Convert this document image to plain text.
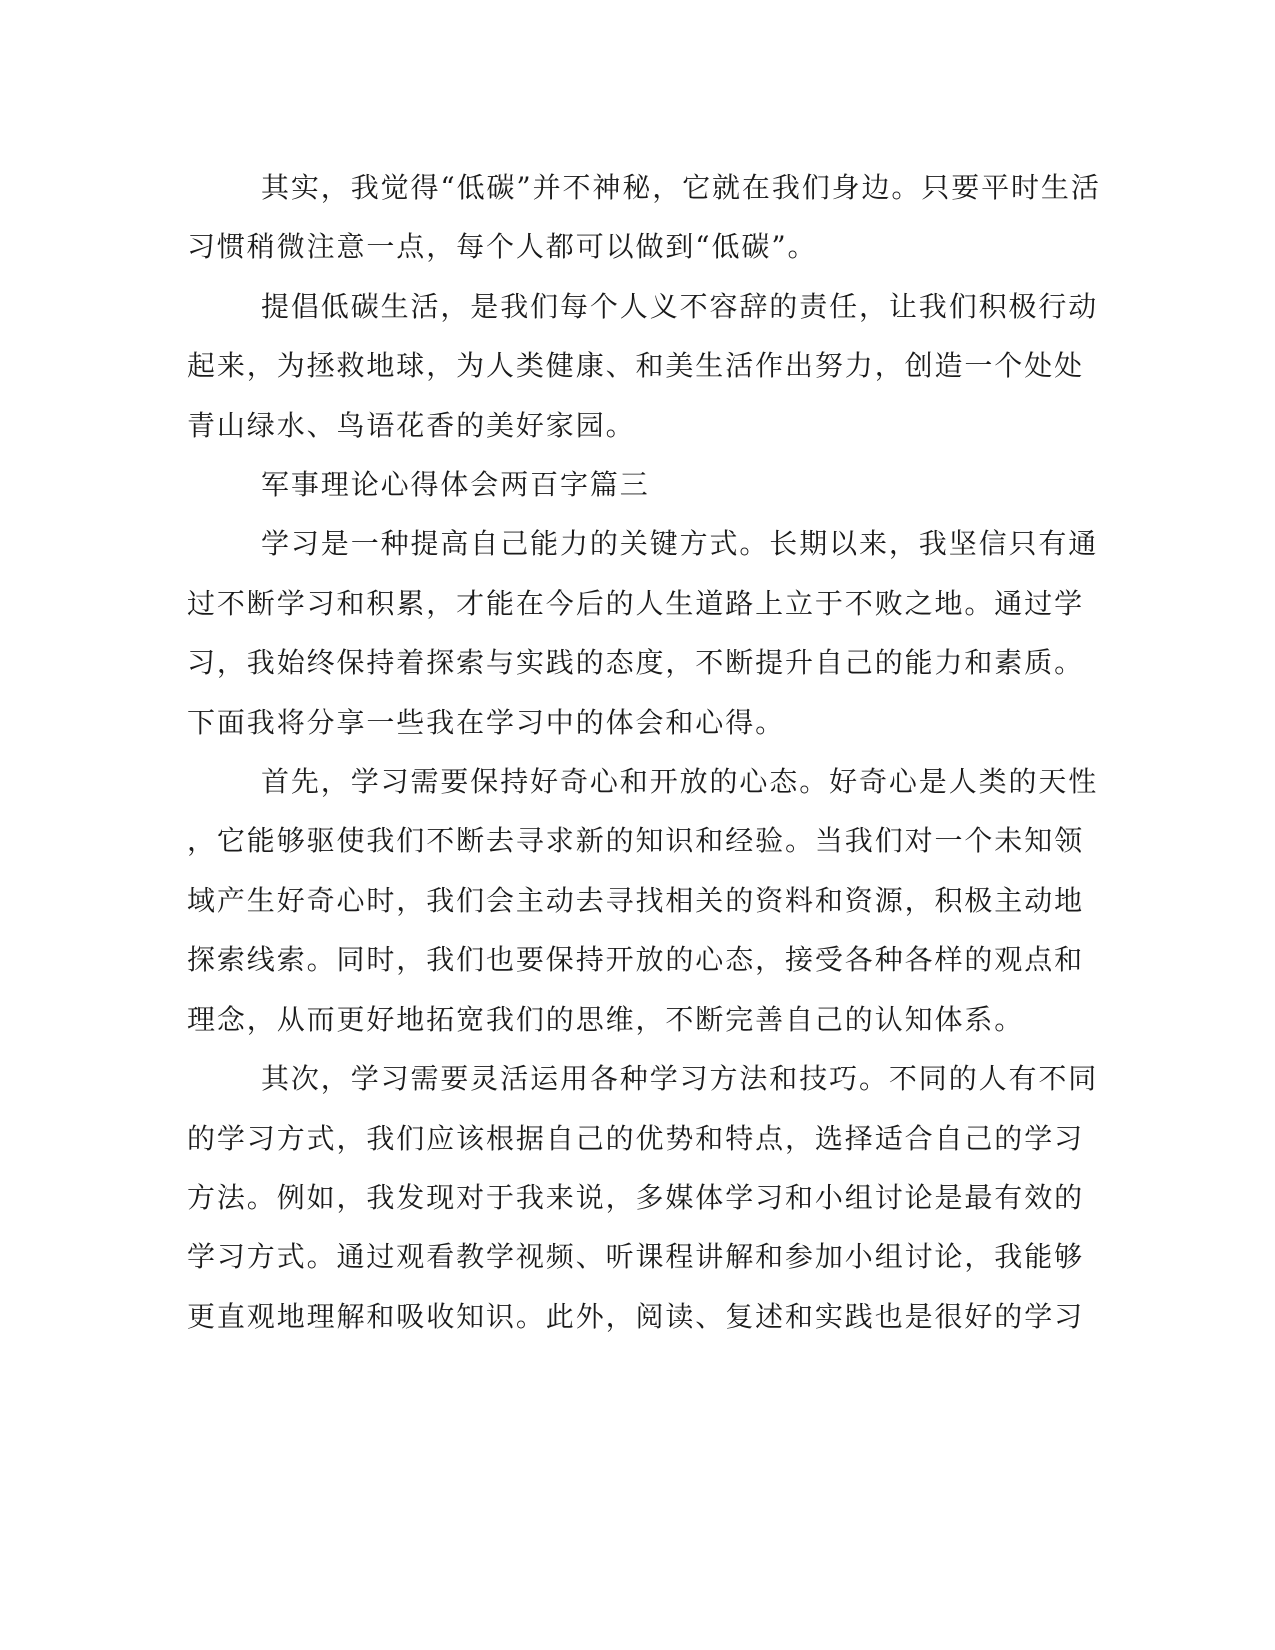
其实，我觉得“低碳”并不神秘，它就在我们身边。只要平时生活
习惯稍微注意一点，每个人都可以做到“低碳”。
提倡低碳生活，是我们每个人义不容辞的责任，让我们积极行动
起来，为拯救地球，为人类健康、和美生活作出努力，创造一个处处
青山绿水、鸟语花香的美好家园。
军事理论心得体会两百字篇三
学习是一种提高自己能力的关键方式。长期以来，我坚信只有通
过不断学习和积累，才能在今后的人生道路上立于不败之地。通过学
习，我始终保持着探索与实践的态度，不断提升自己的能力和素质。
下面我将分享一些我在学习中的体会和心得。
首先，学习需要保持好奇心和开放的心态。好奇心是人类的天性
，它能够驱使我们不断去寻求新的知识和经验。当我们对一个未知领
域产生好奇心时，我们会主动去寻找相关的资料和资源，积极主动地
探索线索。同时，我们也要保持开放的心态，接受各种各样的观点和
理念，从而更好地拓宽我们的思维，不断完善自己的认知体系。
其次，学习需要灵活运用各种学习方法和技巧。不同的人有不同
的学习方式，我们应该根据自己的优势和特点，选择适合自己的学习
方法。例如，我发现对于我来说，多媒体学习和小组讨论是最有效的
学习方式。通过观看教学视频、听课程讲解和参加小组讨论，我能够
更直观地理解和吸收知识。此外，阅读、复述和实践也是很好的学习
